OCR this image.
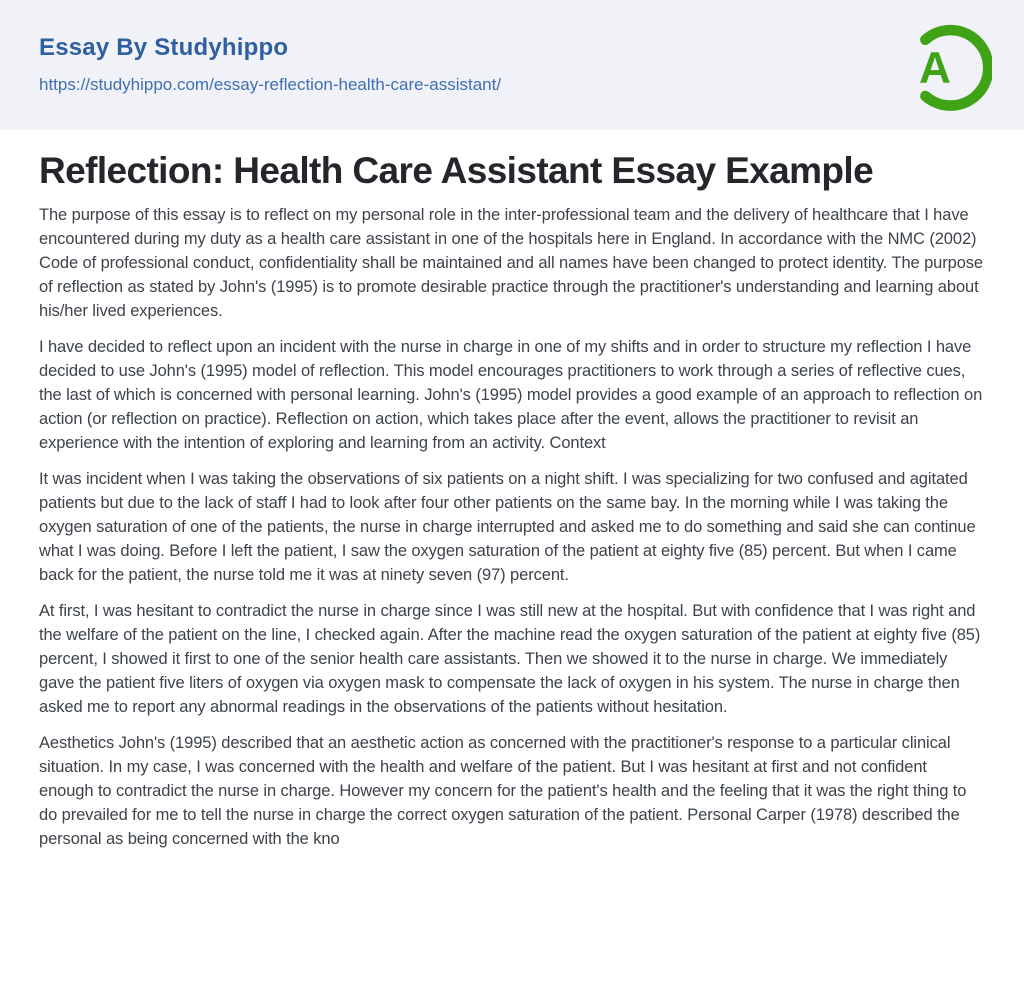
Essay By Studyhippo
https://studyhippo.com/essay-reflection-health-care-assistant/	A
Reflection: Health Care Assistant Essay Example

The purpose of this essay is to reflect on my personal role in the inter-professional team and the delivery of healthcare that I have encountered during my duty as a health care assistant in one of the hospitals here in England. In accordance with the NMC (2002) Code of professional conduct, confidentiality shall be maintained and all names have been changed to protect identity. The purpose of reflection as stated by John's (1995) is to promote desirable practice through the practitioner's understanding and learning about his/her lived experiences.

I have decided to reflect upon an incident with the nurse in charge in one of my shifts and in order to structure my reflection I have decided to use John's (1995) model of reflection. This model encourages practitioners to work through a series of reflective cues, the last of which is concerned with personal learning. John's (1995) model provides a good example of an approach to reflection on action (or reflection on practice). Reflection on action, which takes place after the event, allows the practitioner to revisit an experience with the intention of exploring and learning from an activity. Context

It was incident when I was taking the observations of six patients on a night shift. I was specializing for two confused and agitated patients but due to the lack of staff I had to look after four other patients on the same bay. In the morning while I was taking the oxygen saturation of one of the patients, the nurse in charge interrupted and asked me to do something and said she can continue what I was doing. Before I left the patient, I saw the oxygen saturation of the patient at eighty five (85) percent. But when I came back for the patient, the nurse told me it was at ninety seven (97) percent.

At first, I was hesitant to contradict the nurse in charge since I was still new at the hospital. But with confidence that I was right and the welfare of the patient on the line, I checked again. After the machine read the oxygen saturation of the patient at eighty five (85) percent, I showed it first to one of the senior health care assistants. Then we showed it to the nurse in charge. We immediately gave the patient five liters of oxygen via oxygen mask to compensate the lack of oxygen in his system. The nurse in charge then asked me to report any abnormal readings in the observations of the patients without hesitation.

Aesthetics John's (1995) described that an aesthetic action as concerned with the practitioner's response to a particular clinical situation. In my case, I was concerned with the health and welfare of the patient. But I was hesitant at first and not confident enough to contradict the nurse in charge. However my concern for the patient's health and the feeling that it was the right thing to do prevailed for me to tell the nurse in charge the correct oxygen saturation of the patient. Personal Carper (1978) described the personal as being concerned with the kno
